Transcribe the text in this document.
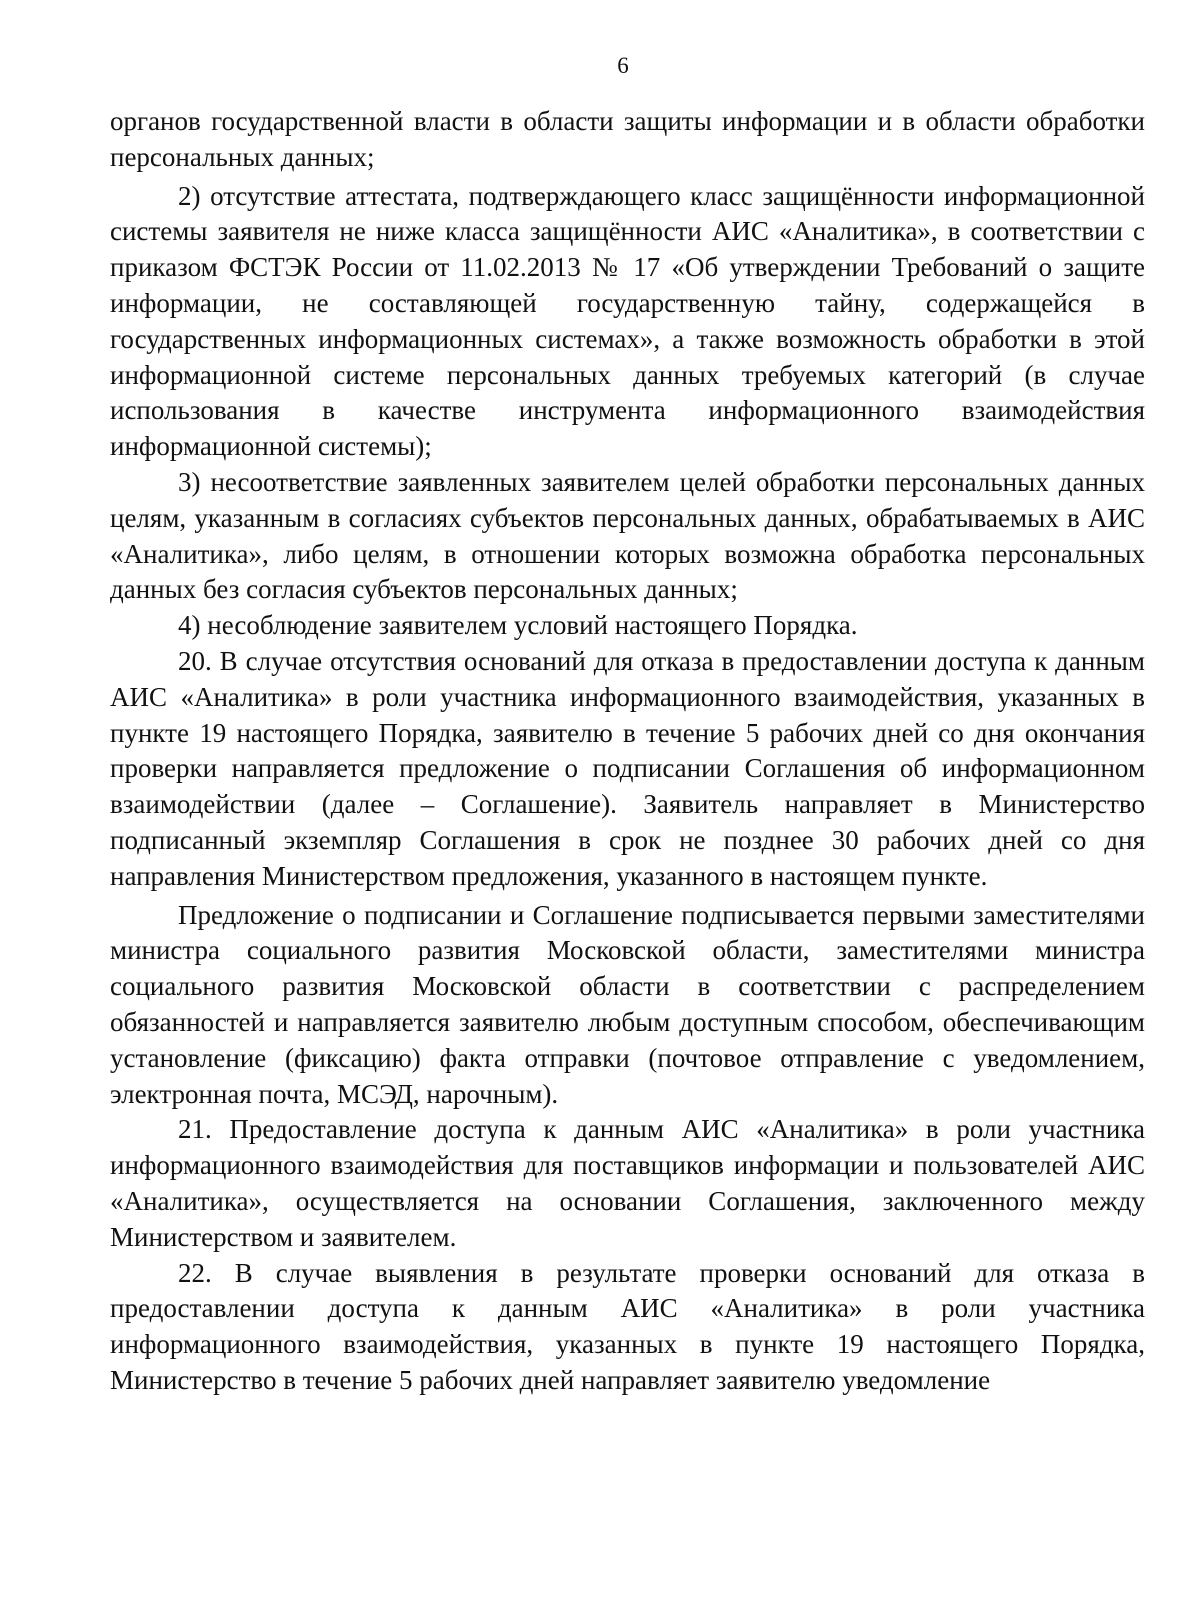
6

органов государственной власти в области защиты информации и в области обработки персональных данных;

2) отсутствие аттестата, подтверждающего класс защищённости информационной системы заявителя не ниже класса защищённости АИС «Аналитика», в соответствии с приказом ФСТЭК России от 11.02.2013 № 17 «Об утверждении Требований о защите информации, не составляющей государственную тайну, содержащейся в государственных информационных системах», а также возможность обработки в этой информационной системе персональных данных требуемых категорий (в случае использования в качестве инструмента информационного взаимодействия информационной системы);

3) несоответствие заявленных заявителем целей обработки персональных данных целям, указанным в согласиях субъектов персональных данных, обрабатываемых в АИС «Аналитика», либо целям, в отношении которых возможна обработка персональных данных без согласия субъектов персональных данных;

4) несоблюдение заявителем условий настоящего Порядка.

20. В случае отсутствия оснований для отказа в предоставлении доступа к данным АИС «Аналитика» в роли участника информационного взаимодействия, указанных в пункте 19 настоящего Порядка, заявителю в течение 5 рабочих дней со дня окончания проверки направляется предложение о подписании Соглашения об информационном взаимодействии (далее – Соглашение). Заявитель направляет в Министерство подписанный экземпляр Соглашения в срок не позднее 30 рабочих дней со дня направления Министерством предложения, указанного в настоящем пункте.

Предложение о подписании и Соглашение подписывается первыми заместителями министра социального развития Московской области, заместителями министра социального развития Московской области в соответствии с распределением обязанностей и направляется заявителю любым доступным способом, обеспечивающим установление (фиксацию) факта отправки (почтовое отправление с уведомлением, электронная почта, МСЭД, нарочным).

21. Предоставление доступа к данным АИС «Аналитика» в роли участника информационного взаимодействия для поставщиков информации и пользователей АИС «Аналитика», осуществляется на основании Соглашения, заключенного между Министерством и заявителем.

22. В случае выявления в результате проверки оснований для отказа в предоставлении доступа к данным АИС «Аналитика» в роли участника информационного взаимодействия, указанных в пункте 19 настоящего Порядка, Министерство в течение 5 рабочих дней направляет заявителю уведомление
